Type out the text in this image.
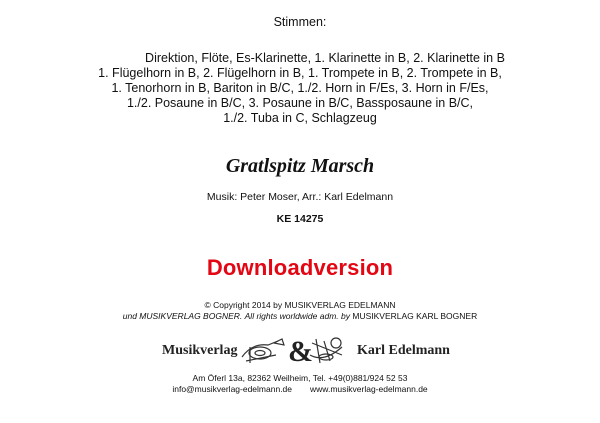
Stimmen:
Direktion, Flöte, Es-Klarinette, 1. Klarinette in B, 2. Klarinette in B
1. Flügelhorn in B, 2. Flügelhorn in B, 1. Trompete in B, 2. Trompete in B,
1. Tenorhorn in B, Bariton in B/C, 1./2. Horn in F/Es, 3. Horn in F/Es,
1./2. Posaune in B/C, 3. Posaune in B/C, Bassposaune in B/C,
1./2. Tuba in C, Schlagzeug
Gratlspitz Marsch
Musik: Peter Moser, Arr.: Karl Edelmann
KE 14275
Downloadversion
© Copyright 2014 by MUSIKVERLAG EDELMANN
und MUSIKVERLAG BOGNER. All rights worldwide adm. by MUSIKVERLAG KARL BOGNER
Musikverlag &	Karl Edelmann
Am Öferl 13a, 82362 Weilheim, Tel. +49(0)881/924 52 53
info@musikverlag-edelmann.de www.musikverlag-edelmann.de
